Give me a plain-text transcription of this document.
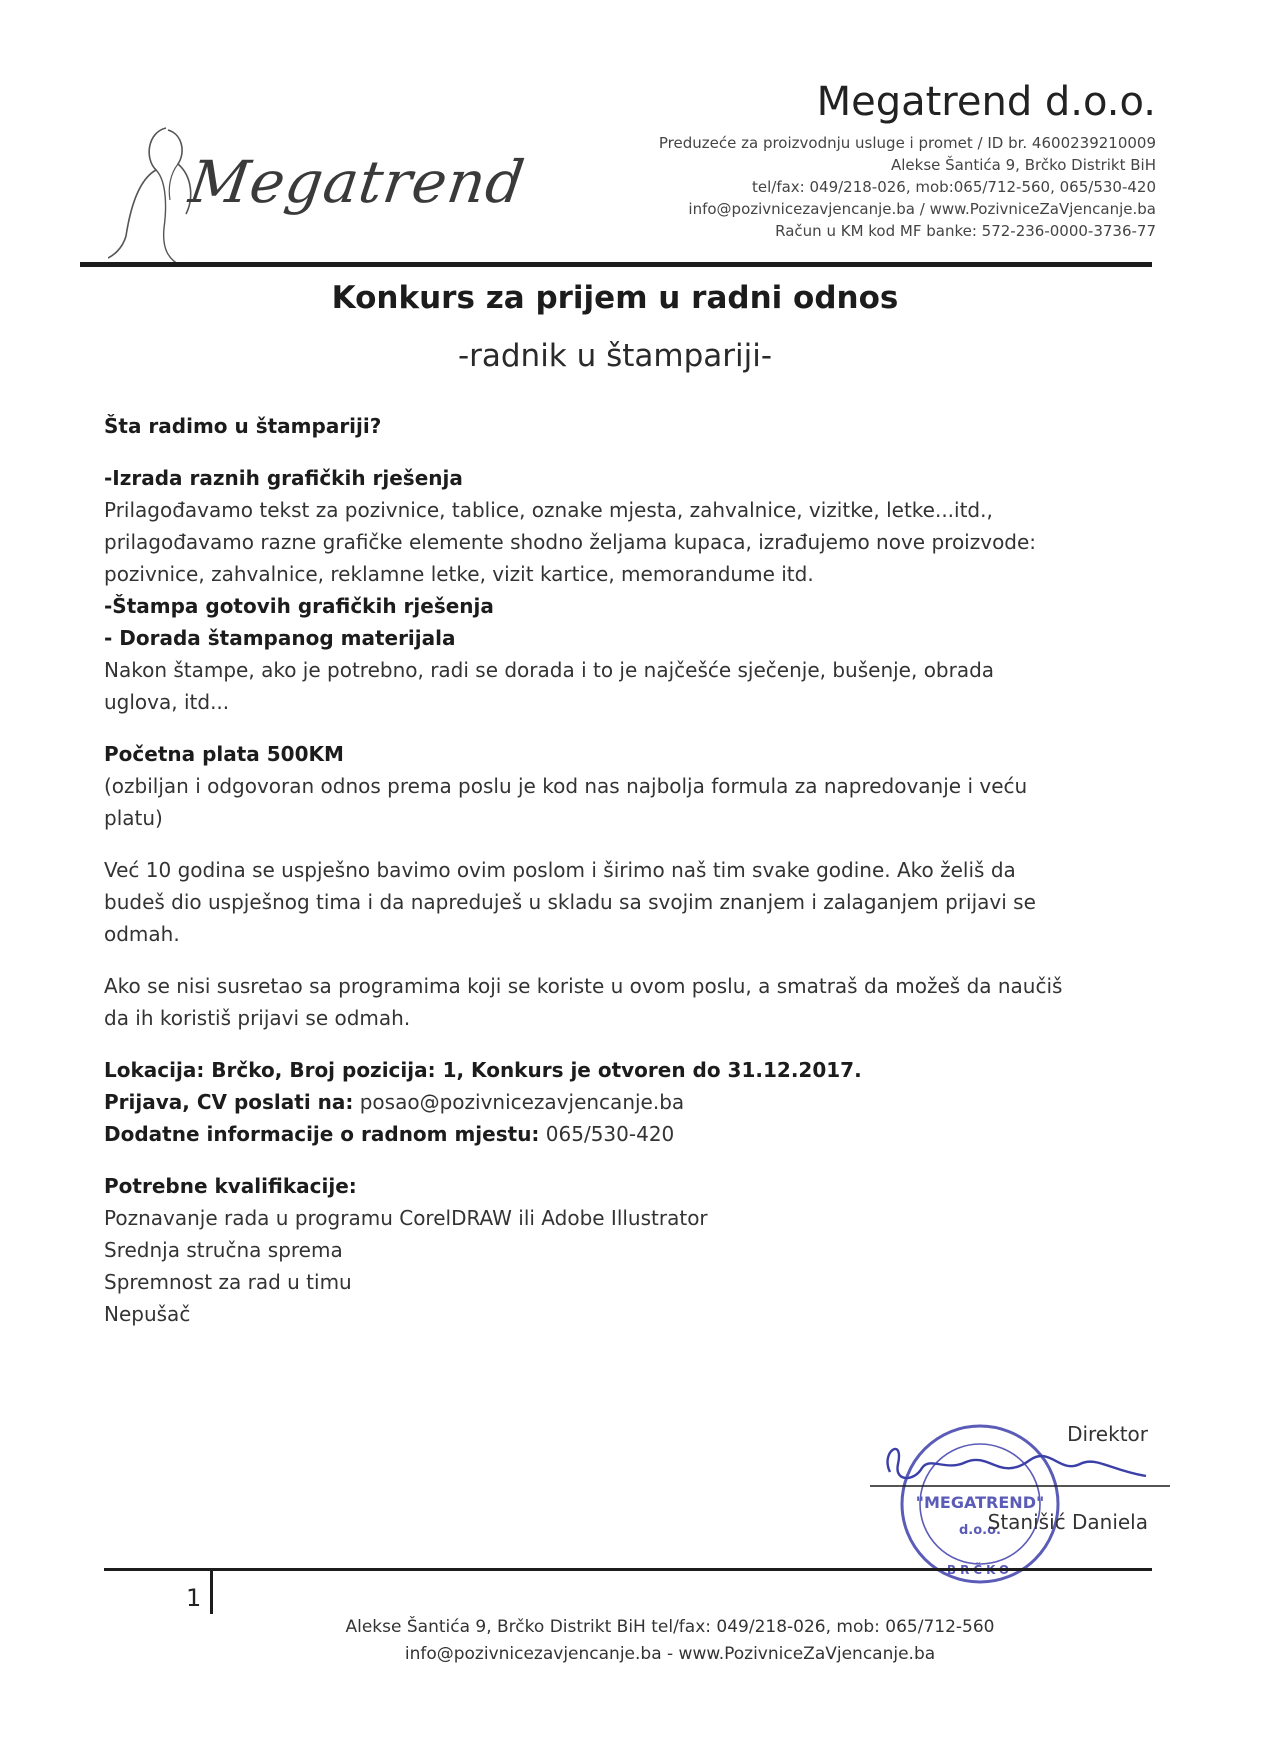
Megatrend

Megatrend d.o.o.

Preduzeće za proizvodnju usluge i promet / ID br. 4600239210009

Alekse Šantića 9, Brčko Distrikt BiH

tel/fax: 049/218-026, mob:065/712-560, 065/530-420

info@pozivnicezavjencanje.ba / www.PozivniceZaVjencanje.ba

Račun u KM kod MF banke: 572-236-0000-3736-77

Konkurs za prijem u radni odnos
-radnik u štampariji-

Šta radimo u štampariji?

-Izrada raznih grafičkih rješenja

Prilagođavamo tekst za pozivnice, tablice, oznake mjesta, zahvalnice, vizitke, letke...itd.,

prilagođavamo razne grafičke elemente shodno željama kupaca, izrađujemo nove proizvode:

pozivnice, zahvalnice, reklamne letke, vizit kartice, memorandume itd.

-Štampa gotovih grafičkih rješenja

- Dorada štampanog materijala

Nakon štampe, ako je potrebno, radi se dorada i to je najčešće sječenje, bušenje, obrada

uglova, itd...

Početna plata 500KM

(ozbiljan i odgovoran odnos prema poslu je kod nas najbolja formula za napredovanje i veću

platu)

Već 10 godina se uspješno bavimo ovim poslom i širimo naš tim svake godine. Ako želiš da

budeš dio uspješnog tima i da napreduješ u skladu sa svojim znanjem i zalaganjem prijavi se

odmah.

Ako se nisi susretao sa programima koji se koriste u ovom poslu, a smatraš da možeš da naučiš

da ih koristiš prijavi se odmah.

Lokacija: Brčko, Broj pozicija: 1, Konkurs je otvoren do 31.12.2017.

Prijava, CV poslati na: posao@pozivnicezavjencanje.ba

Dodatne informacije o radnom mjestu: 065/530-420

Potrebne kvalifikacije:

Poznavanje rada u programu CorelDRAW ili Adobe Illustrator

Srednja stručna sprema

Spremnost za rad u timu

Nepušač

"MEGATREND"
d.o.o.
Direktor
Stanišić Daniela
1

Alekse Šantića 9, Brčko Distrikt BiH tel/fax: 049/218-026, mob: 065/712-560

info@pozivnicezavjencanje.ba - www.PozivniceZaVjencanje.ba
